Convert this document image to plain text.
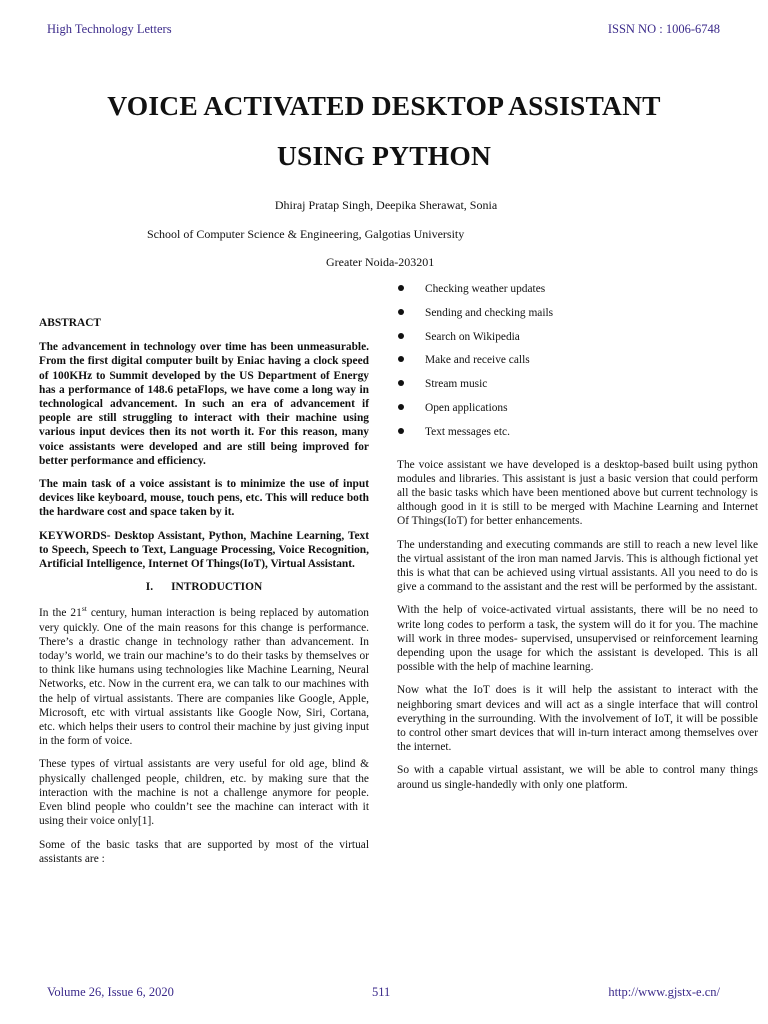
High Technology Letters	ISSN NO : 1006-6748
VOICE ACTIVATED DESKTOP ASSISTANT
USING PYTHON
Dhiraj Pratap Singh, Deepika Sherawat, Sonia
School of Computer Science & Engineering, Galgotias University
Greater Noida-203201
ABSTRACT

The advancement in technology over time has been unmeasurable. From the first digital computer built by Eniac having a clock speed of 100KHz to Summit developed by the US Department of Energy has a performance of 148.6 petaFlops, we have come a long way in technological advancement. In such an era of advancement if people are still struggling to interact with their machine using various input devices then its not worth it. For this reason, many voice assistants were developed and are still being improved for better performance and efficiency.

The main task of a voice assistant is to minimize the use of input devices like keyboard, mouse, touch pens, etc. This will reduce both the hardware cost and space taken by it.

KEYWORDS- Desktop Assistant, Python, Machine Learning, Text to Speech, Speech to Text, Language Processing, Voice Recognition, Artificial Intelligence, Internet Of Things(IoT), Virtual Assistant.

I. INTRODUCTION

In the 21st century, human interaction is being replaced by automation very quickly. One of the main reasons for this change is performance. There’s a drastic change in technology rather than advancement. In today’s world, we train our machine’s to do their tasks by themselves or to think like humans using technologies like Machine Learning, Neural Networks, etc. Now in the current era, we can talk to our machines with the help of virtual assistants. There are companies like Google, Apple, Microsoft, etc with virtual assistants like Google Now, Siri, Cortana, etc. which helps their users to control their machine by just giving input in the form of voice.

These types of virtual assistants are very useful for old age, blind & physically challenged people, children, etc. by making sure that the interaction with the machine is not a challenge anymore for people. Even blind people who couldn’t see the machine can interact with it using their voice only[1].

Some of the basic tasks that are supported by most of the virtual assistants are :

Checking weather updates
Sending and checking mails
Search on Wikipedia
Make and receive calls
Stream music
Open applications
Text messages etc.

The voice assistant we have developed is a desktop-based built using python modules and libraries. This assistant is just a basic version that could perform all the basic tasks which have been mentioned above but current technology is although good in it is still to be merged with Machine Learning and Internet Of Things(IoT) for better enhancements.

The understanding and executing commands are still to reach a new level like the virtual assistant of the iron man named Jarvis. This is although fictional yet this is what that can be achieved using virtual assistants. All you need to do is give a command to the assistant and the rest will be performed by the assistant.

With the help of voice-activated virtual assistants, there will be no need to write long codes to perform a task, the system will do it for you. The machine will work in three modes- supervised, unsupervised or reinforcement learning depending upon the usage for which the assistant is developed. This is all possible with the help of machine learning.

Now what the IoT does is it will help the assistant to interact with the neighboring smart devices and will act as a single interface that will control everything in the surrounding. With the involvement of IoT, it will be possible to control other smart devices that will in-turn interact among themselves over the internet.

So with a capable virtual assistant, we will be able to control many things around us single-handedly with only one platform.

Volume 26, Issue 6, 2020	511	http://www.gjstx-e.cn/
